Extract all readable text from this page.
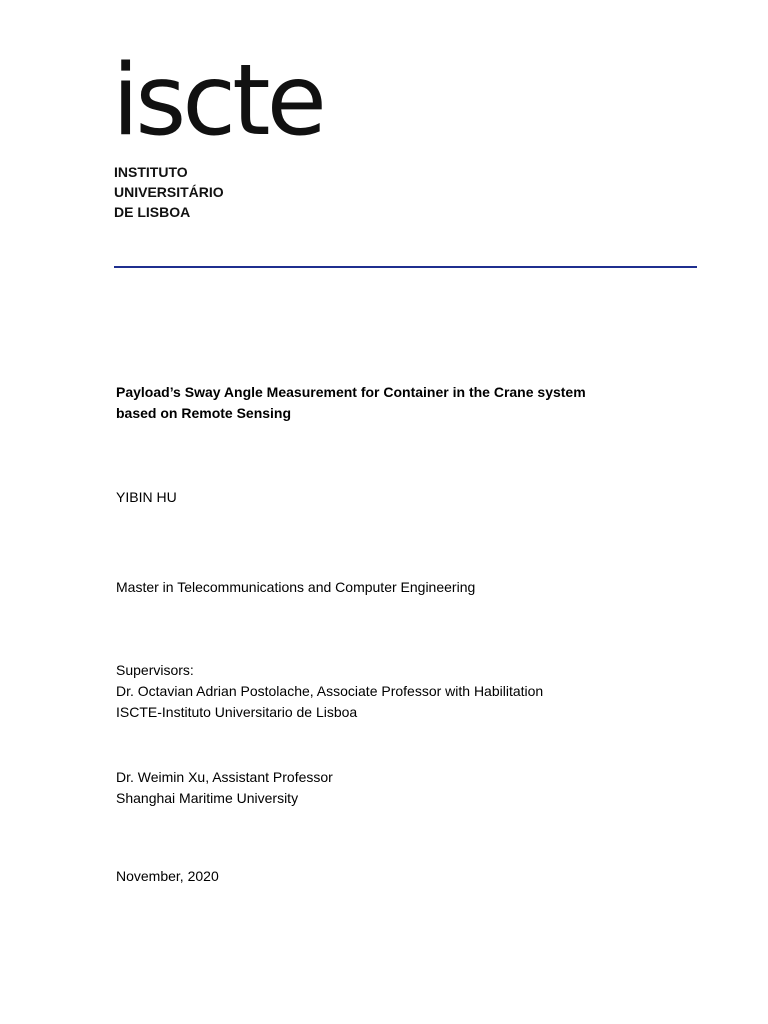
iscte
INSTITUTO
UNIVERSITÁRIO
DE LISBOA
Payload’s Sway Angle Measurement for Container in the Crane system
based on Remote Sensing
YIBIN HU
Master in Telecommunications and Computer Engineering
Supervisors:
Dr. Octavian Adrian Postolache, Associate Professor with Habilitation
ISCTE-Instituto Universitario de Lisboa
Dr. Weimin Xu, Assistant Professor
Shanghai Maritime University
November, 2020
